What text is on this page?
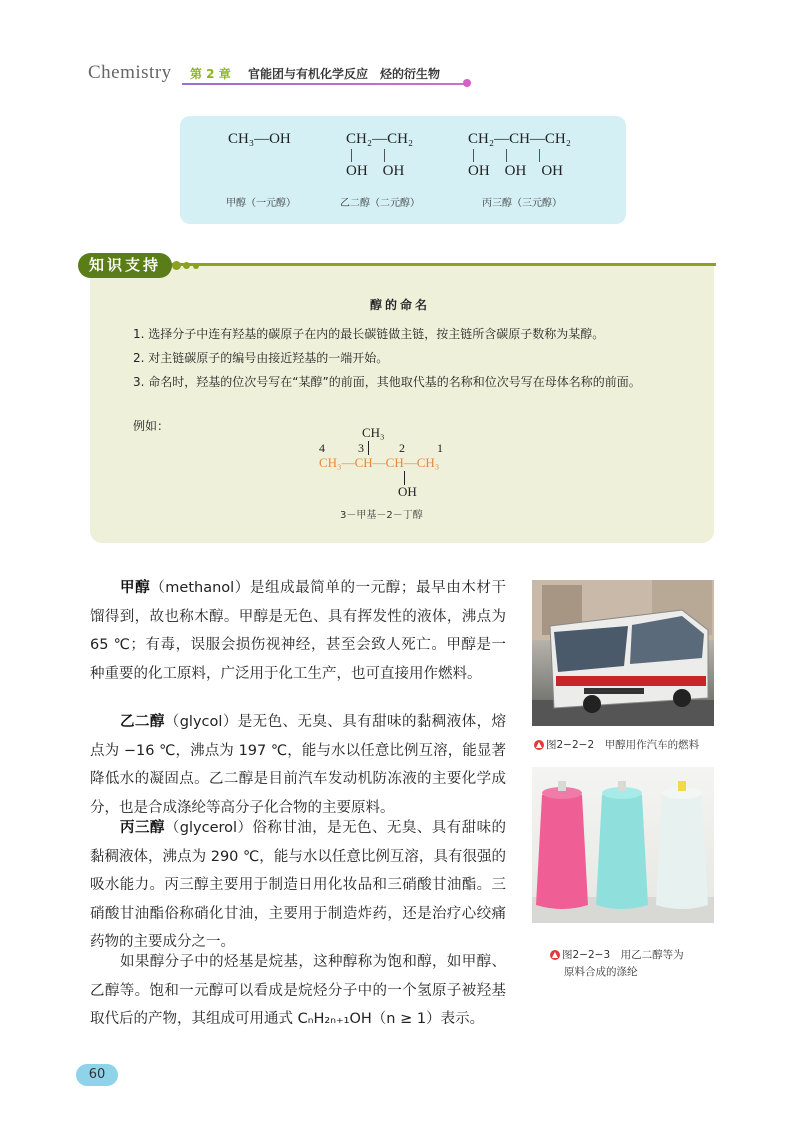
Chemistry 第 2 章 官能团与有机化学反应　烃的衍生物
CH₃—OH
甲醇（一元醇）
CH₂—CH₂
|　　|
OH　OH
乙二醇（二元醇）
CH₂—CH—CH₂
|　　|　　|
OH　OH　OH
丙三醇（三元醇）
知识支持
醇的命名
1. 选择分子中连有羟基的碳原子在内的最长碳链做主链，按主链所含碳原子数称为某醇。
2. 对主链碳原子的编号由接近羟基的一端开始。
3. 命名时，羟基的位次号写在“某醇”的前面，其他取代基的名称和位次号写在母体名称的前面。
例如：	CH₃
4	3	2	1
CH₃—CH—CH—CH₃
OH
3－甲基－2－丁醇
甲醇（methanol）是组成最简单的一元醇；最早由木材干馏得到，故也称木醇。甲醇是无色、具有挥发性的液体，沸点为 65 ℃；有毒，误服会损伤视神经，甚至会致人死亡。甲醇是一种重要的化工原料，广泛用于化工生产，也可直接用作燃料。
乙二醇（glycol）是无色、无臭、具有甜味的黏稠液体，熔点为 −16 ℃，沸点为 197 ℃，能与水以任意比例互溶，能显著降低水的凝固点。乙二醇是目前汽车发动机防冻液的主要化学成分，也是合成涤纶等高分子化合物的主要原料。
丙三醇（glycerol）俗称甘油，是无色、无臭、具有甜味的黏稠液体，沸点为 290 ℃，能与水以任意比例互溶，具有很强的吸水能力。丙三醇主要用于制造日用化妆品和三硝酸甘油酯。三硝酸甘油酯俗称硝化甘油，主要用于制造炸药，还是治疗心绞痛药物的主要成分之一。
如果醇分子中的烃基是烷基，这种醇称为饱和醇，如甲醇、乙醇等。饱和一元醇可以看成是烷烃分子中的一个氢原子被羟基取代后的产物，其组成可用通式 CₙH₂ₙ₊₁OH（n ≥ 1）表示。
▲ 图2−2−2　甲醇用作汽车的燃料
▲ 图2−2−3　用乙二醇等为
原料合成的涤纶
60
